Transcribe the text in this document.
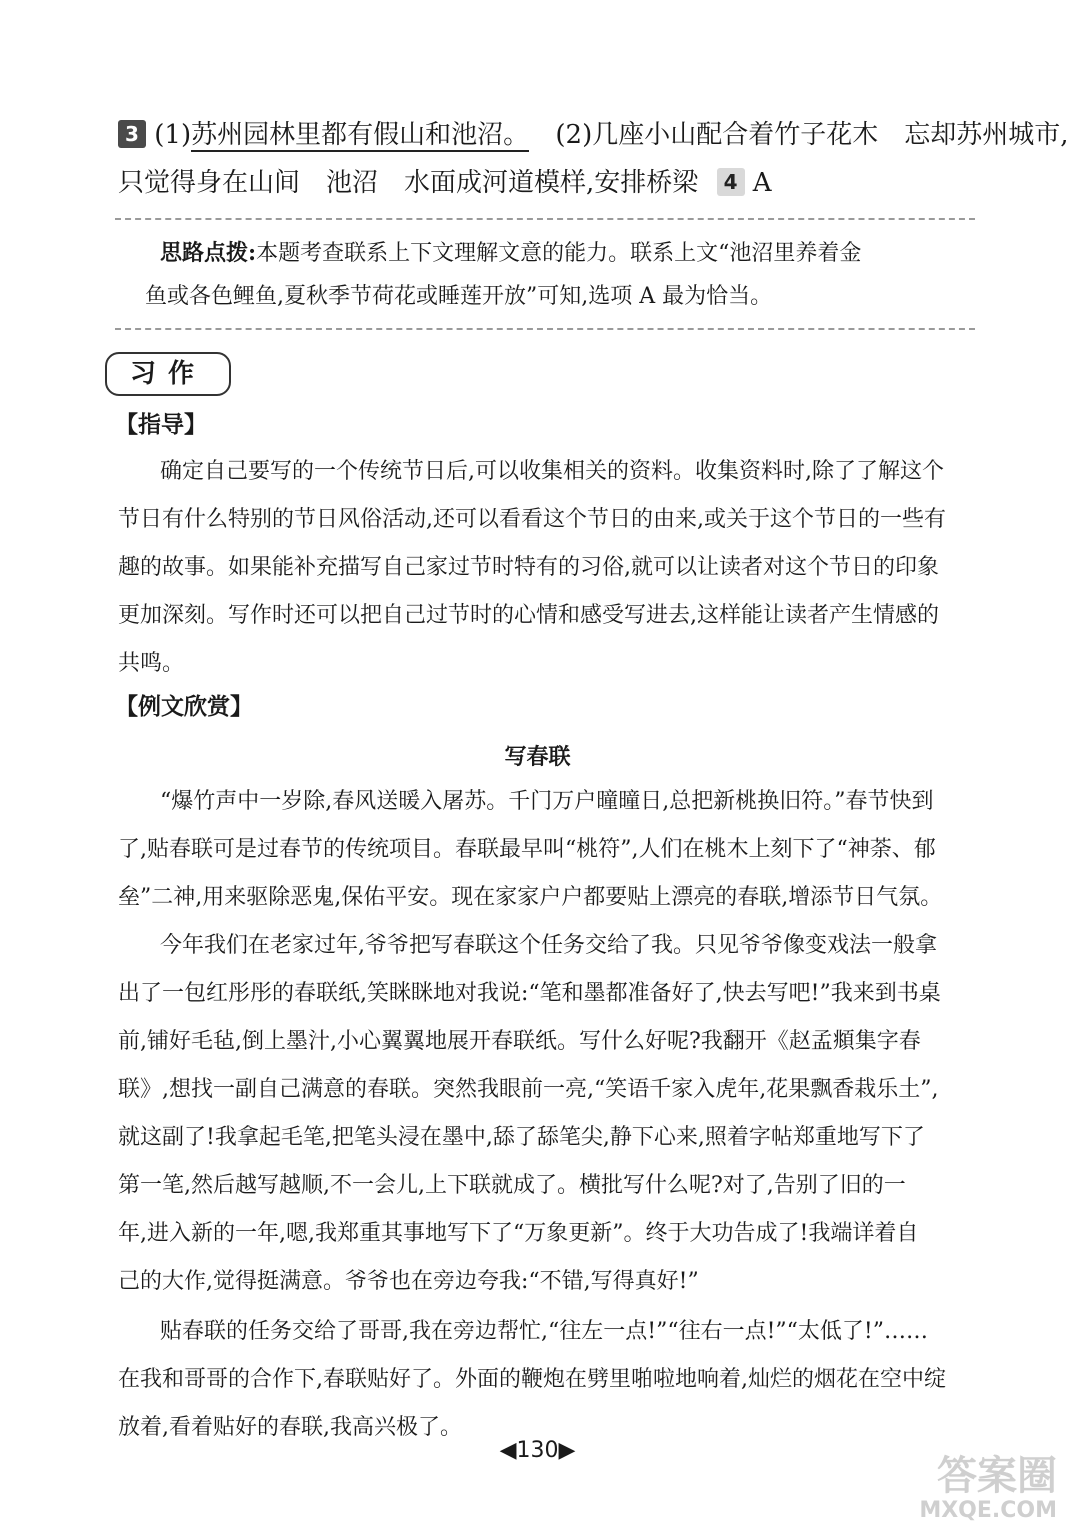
3 (1)苏州园林里都有假山和池沼。 (2)几座小山配合着竹子花木　忘却苏州城市,
只觉得身在山间　池沼　水面成河道模样,安排桥梁 4 A
思路点拨:本题考查联系上下文理解文意的能力。联系上文“池沼里养着金
鱼或各色鲤鱼,夏秋季节荷花或睡莲开放”可知,选项 A 最为恰当。
习作
【指导】
确定自己要写的一个传统节日后,可以收集相关的资料。收集资料时,除了了解这个
节日有什么特别的节日风俗活动,还可以看看这个节日的由来,或关于这个节日的一些有
趣的故事。如果能补充描写自己家过节时特有的习俗,就可以让读者对这个节日的印象
更加深刻。写作时还可以把自己过节时的心情和感受写进去,这样能让读者产生情感的
共鸣。
【例文欣赏】
写春联
“爆竹声中一岁除,春风送暖入屠苏。千门万户曈曈日,总把新桃换旧符。”春节快到
了,贴春联可是过春节的传统项目。春联最早叫“桃符”,人们在桃木上刻下了“神荼、郁
垒”二神,用来驱除恶鬼,保佑平安。现在家家户户都要贴上漂亮的春联,增添节日气氛。
今年我们在老家过年,爷爷把写春联这个任务交给了我。只见爷爷像变戏法一般拿
出了一包红彤彤的春联纸,笑眯眯地对我说:“笔和墨都准备好了,快去写吧!”我来到书桌
前,铺好毛毡,倒上墨汁,小心翼翼地展开春联纸。写什么好呢?我翻开《赵孟頫集字春
联》,想找一副自己满意的春联。突然我眼前一亮,“笑语千家入虎年,花果飘香栽乐土”,
就这副了!我拿起毛笔,把笔头浸在墨中,舔了舔笔尖,静下心来,照着字帖郑重地写下了
第一笔,然后越写越顺,不一会儿,上下联就成了。横批写什么呢?对了,告别了旧的一
年,进入新的一年,嗯,我郑重其事地写下了“万象更新”。终于大功告成了!我端详着自
己的大作,觉得挺满意。爷爷也在旁边夸我:“不错,写得真好!”
贴春联的任务交给了哥哥,我在旁边帮忙,“往左一点!”“往右一点!”“太低了!”……
在我和哥哥的合作下,春联贴好了。外面的鞭炮在劈里啪啦地响着,灿烂的烟花在空中绽
放着,看着贴好的春联,我高兴极了。
◀130▶
答案圈
MXQE.COM
